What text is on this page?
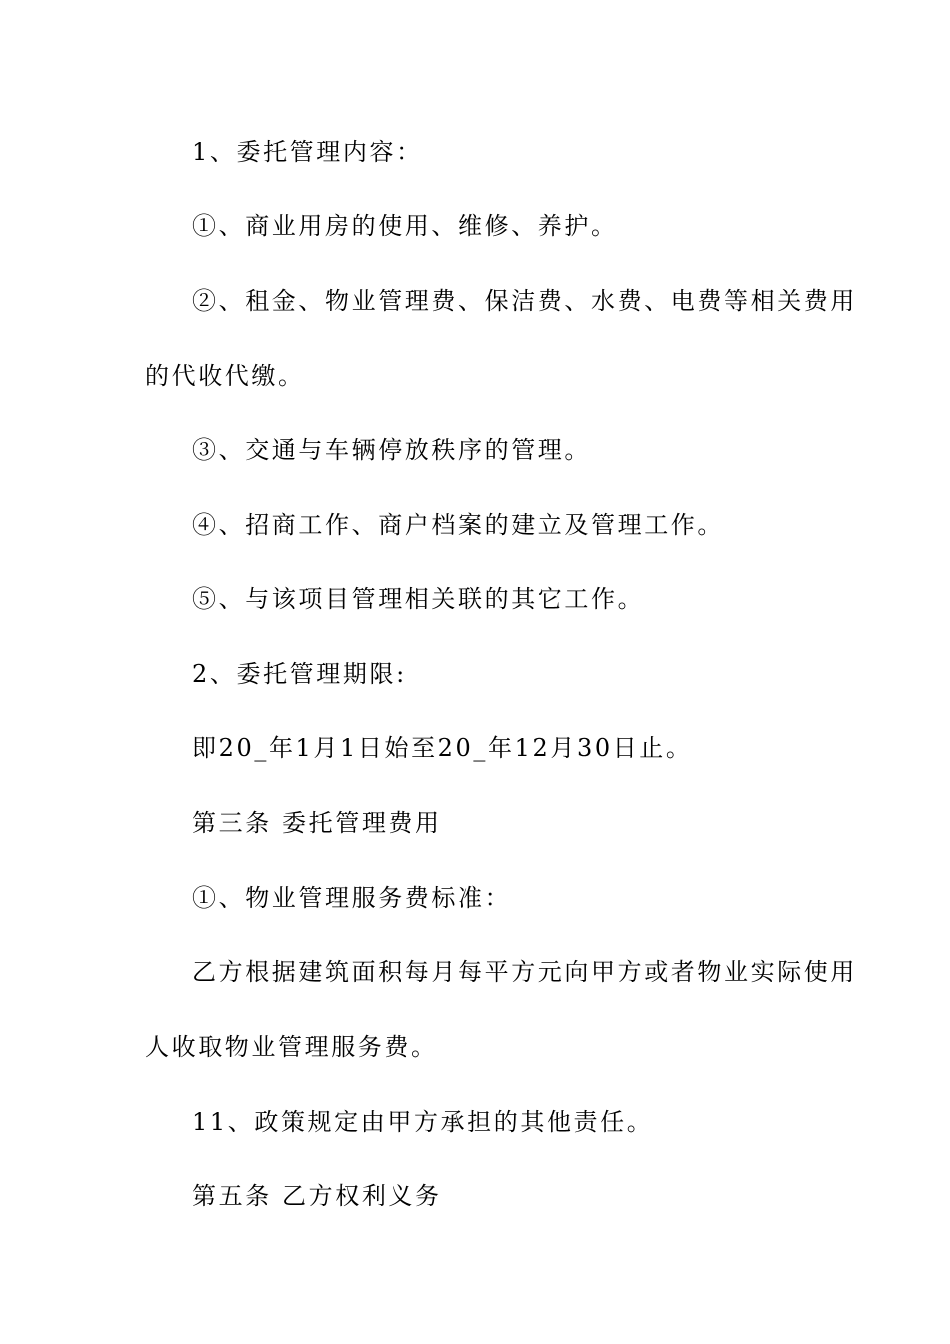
1、委托管理内容：
①、商业用房的使用、维修、养护。
②、租金、物业管理费、保洁费、水费、电费等相关费用
的代收代缴。
③、交通与车辆停放秩序的管理。
④、招商工作、商户档案的建立及管理工作。
⑤、与该项目管理相关联的其它工作。
2、委托管理期限:
即20_年1月1日始至20_年12月30日止。
第三条 委托管理费用
①、物业管理服务费标准：
乙方根据建筑面积每月每平方元向甲方或者物业实际使用
人收取物业管理服务费。
11、政策规定由甲方承担的其他责任。
第五条 乙方权利义务
